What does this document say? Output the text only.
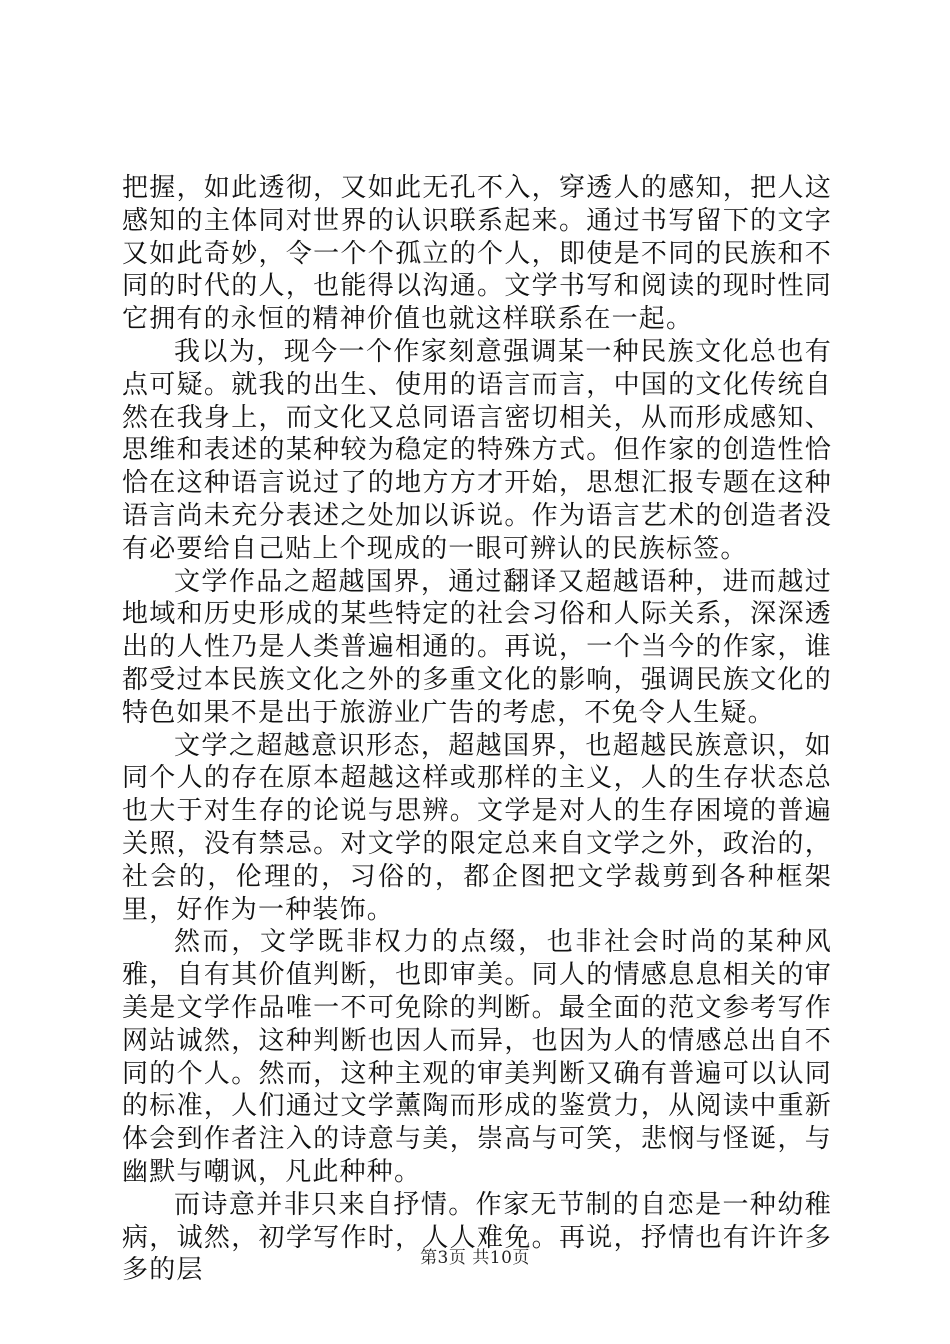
把握，如此透彻，又如此无孔不入，穿透人的感知，把人这感知的主体同对世界的认识联系起来。通过书写留下的文字又如此奇妙，令一个个孤立的个人，即使是不同的民族和不同的时代的人，也能得以沟通。文学书写和阅读的现时性同它拥有的永恒的精神价值也就这样联系在一起。

我以为，现今一个作家刻意强调某一种民族文化总也有点可疑。就我的出生、使用的语言而言，中国的文化传统自然在我身上，而文化又总同语言密切相关，从而形成感知、思维和表述的某种较为稳定的特殊方式。但作家的创造性恰恰在这种语言说过了的地方方才开始，思想汇报专题在这种语言尚未充分表述之处加以诉说。作为语言艺术的创造者没有必要给自己贴上个现成的一眼可辨认的民族标签。

文学作品之超越国界，通过翻译又超越语种，进而越过地域和历史形成的某些特定的社会习俗和人际关系，深深透出的人性乃是人类普遍相通的。再说，一个当今的作家，谁都受过本民族文化之外的多重文化的影响，强调民族文化的特色如果不是出于旅游业广告的考虑，不免令人生疑。

文学之超越意识形态，超越国界，也超越民族意识，如同个人的存在原本超越这样或那样的主义，人的生存状态总也大于对生存的论说与思辨。文学是对人的生存困境的普遍关照，没有禁忌。对文学的限定总来自文学之外，政治的，社会的，伦理的，习俗的，都企图把文学裁剪到各种框架里，好作为一种装饰。

然而，文学既非权力的点缀，也非社会时尚的某种风雅，自有其价值判断，也即审美。同人的情感息息相关的审美是文学作品唯一不可免除的判断。最全面的范文参考写作网站诚然，这种判断也因人而异，也因为人的情感总出自不同的个人。然而，这种主观的审美判断又确有普遍可以认同的标准，人们通过文学薰陶而形成的鉴赏力，从阅读中重新体会到作者注入的诗意与美，崇高与可笑，悲悯与怪诞，与幽默与嘲讽，凡此种种。

而诗意并非只来自抒情。作家无节制的自恋是一种幼稚病，诚然，初学写作时，人人难免。再说，抒情也有许许多多的层	第3页 共10页
